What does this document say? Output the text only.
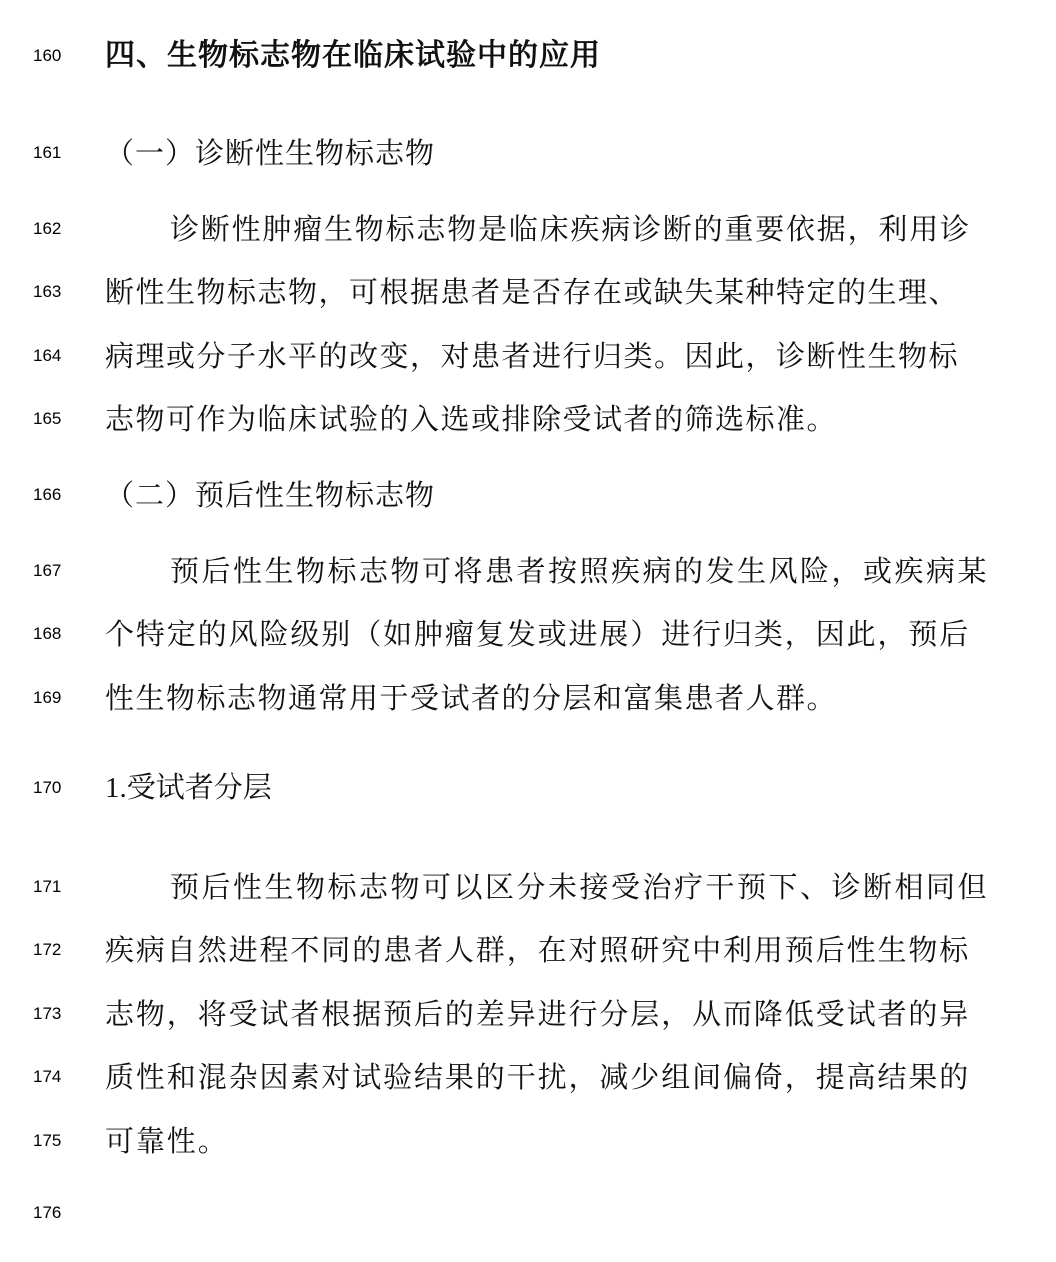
160	四、生物标志物在临床试验中的应用
161	（一）诊断性生物标志物
162	诊断性肿瘤生物标志物是临床疾病诊断的重要依据，利用诊
163	断性生物标志物，可根据患者是否存在或缺失某种特定的生理、
164	病理或分子水平的改变，对患者进行归类。因此，诊断性生物标
165	志物可作为临床试验的入选或排除受试者的筛选标准。
166	（二）预后性生物标志物
167	预后性生物标志物可将患者按照疾病的发生风险，或疾病某
168	个特定的风险级别（如肿瘤复发或进展）进行归类，因此，预后
169	性生物标志物通常用于受试者的分层和富集患者人群。
170	1.受试者分层
171	预后性生物标志物可以区分未接受治疗干预下、诊断相同但
172	疾病自然进程不同的患者人群，在对照研究中利用预后性生物标
173	志物，将受试者根据预后的差异进行分层，从而降低受试者的异
174	质性和混杂因素对试验结果的干扰，减少组间偏倚，提高结果的
175	可靠性。
176
